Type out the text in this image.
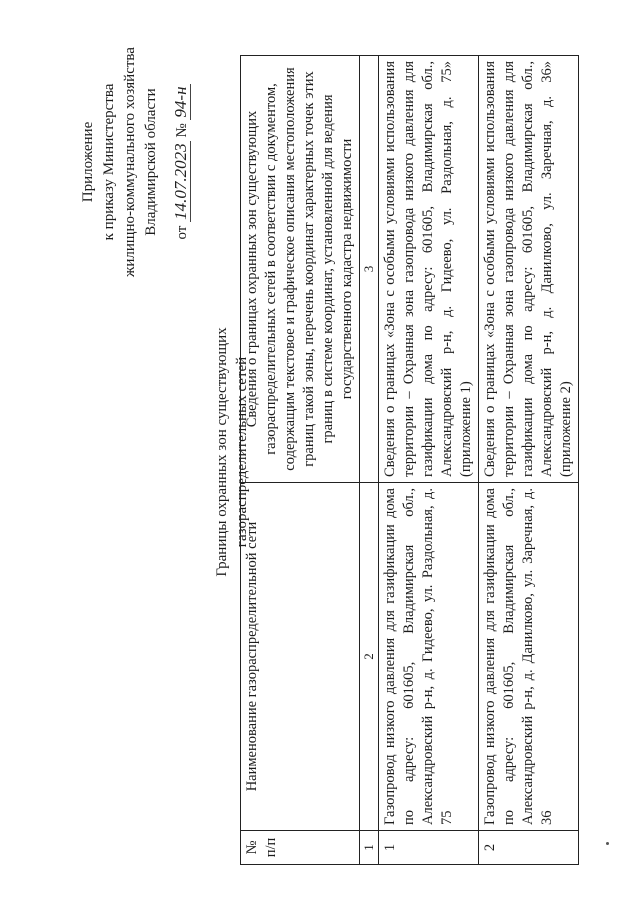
Приложение к приказу Министерства жилищно-коммунального хозяйства Владимирской области от 14.07.2023 № 94-н
Границы охранных зон существующих газораспределительных сетей
№ п/п	Наименование газораспределительной сети	Сведения о границах охранных зон существующих газораспределительных сетей в соответствии с документом, содержащим текстовое и графическое описания местоположения границ такой зоны, перечень координат характерных точек этих границ в системе координат, установленной для ведения государственного кадастра недвижимости
1	2	3
1	Газопровод низкого давления для газификации дома по адресу: 601605, Владимирская обл., Александровский р-н, д. Гидеево, ул. Раздольная, д. 75	Сведения о границах «Зона с особыми условиями использования территории – Охранная зона газопровода низкого давления для газификации дома по адресу: 601605, Владимирская обл., Александровский р-н, д. Гидеево, ул. Раздольная, д. 75» (приложение 1)
2	Газопровод низкого давления для газификации дома по адресу: 601605, Владимирская обл., Александровский р-н, д. Данилково, ул. Заречная, д. 36	Сведения о границах «Зона с особыми условиями использования территории – Охранная зона газопровода низкого давления для газификации дома по адресу: 601605, Владимирская обл., Александровский р-н, д. Данилково, ул. Заречная, д. 36» (приложение 2)
